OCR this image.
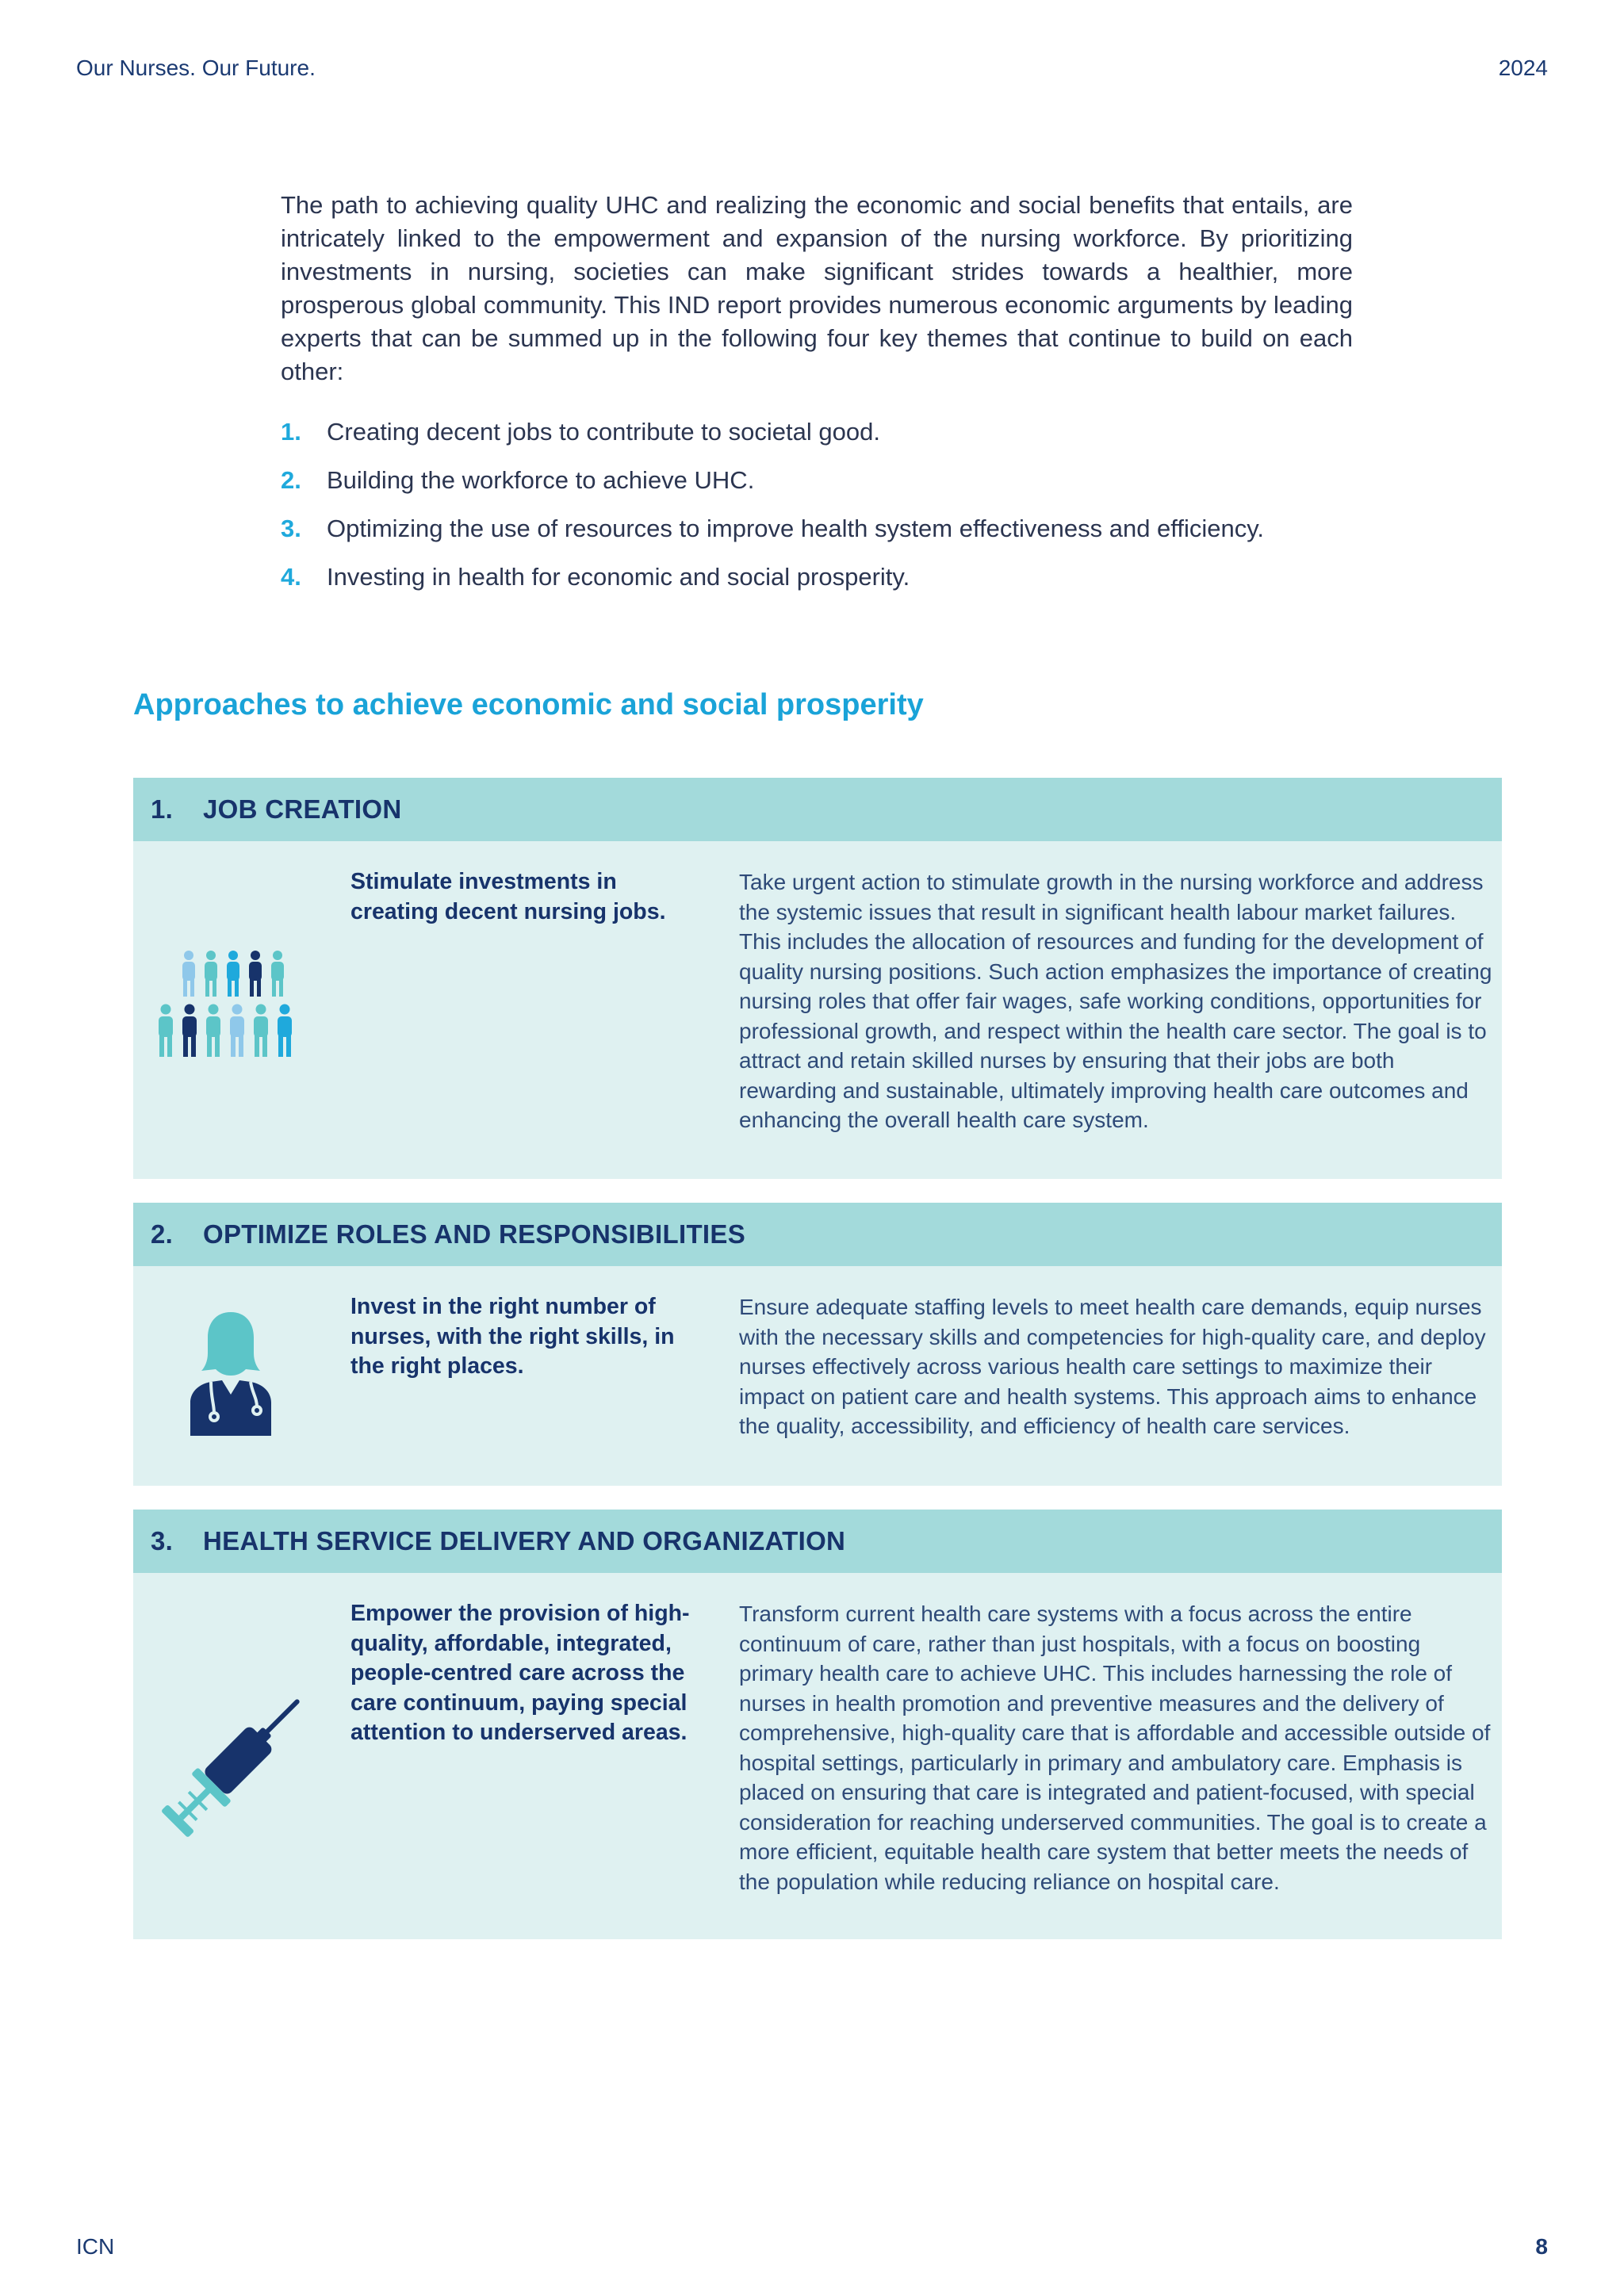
Our Nurses. Our Future.	2024

The path to achieving quality UHC and realizing the economic and social benefits that entails, are intricately linked to the empowerment and expansion of the nursing workforce. By prioritizing investments in nursing, societies can make significant strides towards a healthier, more prosperous global community. This IND report provides numerous economic arguments by leading experts that can be summed up in the following four key themes that continue to build on each other:

1. Creating decent jobs to contribute to societal good.
2. Building the workforce to achieve UHC.
3. Optimizing the use of resources to improve health system effectiveness and efficiency.
4. Investing in health for economic and social prosperity.
Approaches to achieve economic and social prosperity
1.	JOB CREATION
Stimulate investments in creating decent nursing jobs.
Take urgent action to stimulate growth in the nursing workforce and address the systemic issues that result in significant health labour market failures. This includes the allocation of resources and funding for the development of quality nursing positions. Such action emphasizes the importance of creating nursing roles that offer fair wages, safe working conditions, opportunities for professional growth, and respect within the health care sector. The goal is to attract and retain skilled nurses by ensuring that their jobs are both rewarding and sustainable, ultimately improving health care outcomes and enhancing the overall health care system.
2.	OPTIMIZE ROLES AND RESPONSIBILITIES
Invest in the right number of nurses, with the right skills, in the right places.
Ensure adequate staffing levels to meet health care demands, equip nurses with the necessary skills and competencies for high-quality care, and deploy nurses effectively across various health care settings to maximize their impact on patient care and health systems. This approach aims to enhance the quality, accessibility, and efficiency of health care services.
3.	HEALTH SERVICE DELIVERY AND ORGANIZATION
Empower the provision of high-quality, affordable, integrated, people-centred care across the care continuum, paying special attention to underserved areas.
Transform current health care systems with a focus across the entire continuum of care, rather than just hospitals, with a focus on boosting primary health care to achieve UHC. This includes harnessing the role of nurses in health promotion and preventive measures and the delivery of comprehensive, high-quality care that is affordable and accessible outside of hospital settings, particularly in primary and ambulatory care. Emphasis is placed on ensuring that care is integrated and patient-focused, with special consideration for reaching underserved communities. The goal is to create a more efficient, equitable health care system that better meets the needs of the population while reducing reliance on hospital care.
ICN	8
